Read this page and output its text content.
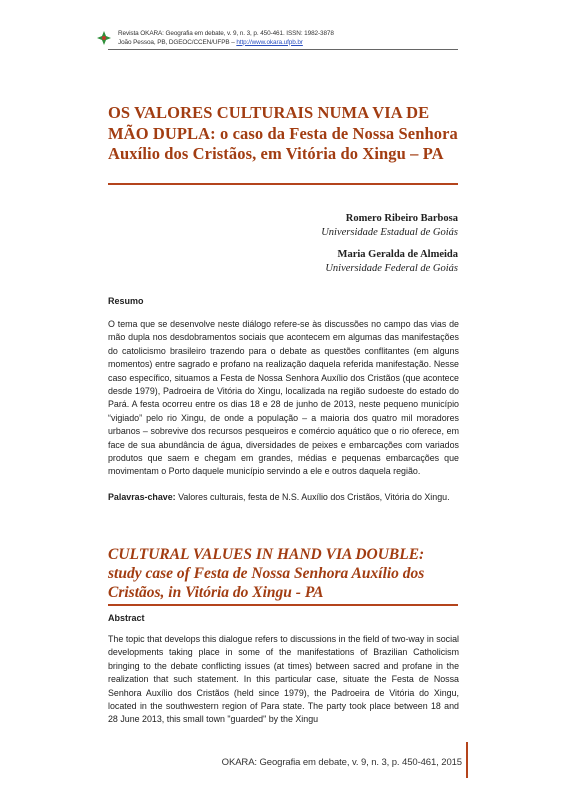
Revista OKARA: Geografia em debate, v. 9, n. 3, p. 450-461. ISSN: 1982-3878
João Pessoa, PB, DGEOC/CCEN/UFPB – http://www.okara.ufpb.br
OS VALORES CULTURAIS NUMA VIA DE MÃO DUPLA: o caso da Festa de Nossa Senhora Auxílio dos Cristãos, em Vitória do Xingu – PA
Romero Ribeiro Barbosa
Universidade Estadual de Goiás
Maria Geralda de Almeida
Universidade Federal de Goiás
Resumo

O tema que se desenvolve neste diálogo refere-se às discussões no campo das vias de mão dupla nos desdobramentos sociais que acontecem em algumas das manifestações do catolicismo brasileiro trazendo para o debate as questões conflitantes (em alguns momentos) entre sagrado e profano na realização daquela referida manifestação. Nesse caso específico, situamos a Festa de Nossa Senhora Auxílio dos Cristãos (que acontece desde 1979), Padroeira de Vitória do Xingu, localizada na região sudoeste do estado do Pará. A festa ocorreu entre os dias 18 e 28 de junho de 2013, neste pequeno município “vigiado” pelo rio Xingu, de onde a população – a maioria dos quatro mil moradores urbanos – sobrevive dos recursos pesqueiros e comércio aquático que o rio oferece, em face de sua abundância de água, diversidades de peixes e embarcações com variados produtos que saem e chegam em grandes, médias e pequenas embarcações que movimentam o Porto daquele município servindo a ele e outros daquela região.

Palavras-chave: Valores culturais, festa de N.S. Auxílio dos Cristãos, Vitória do Xingu.

CULTURAL VALUES IN HAND VIA DOUBLE: study case of Festa de Nossa Senhora Auxílio dos Cristãos, in Vitória do Xingu - PA
Abstract

The topic that develops this dialogue refers to discussions in the field of two-way in social developments taking place in some of the manifestations of Brazilian Catholicism bringing to the debate conflicting issues (at times) between sacred and profane in the realization that such statement. In this particular case, situate the Festa de Nossa Senhora Auxílio dos Cristãos (held since 1979), the Padroeira de Vitória do Xingu, located in the southwestern region of Para state. The party took place between 18 and 28 June 2013, this small town "guarded" by the Xingu

OKARA: Geografia em debate, v. 9, n. 3, p. 450-461, 2015
